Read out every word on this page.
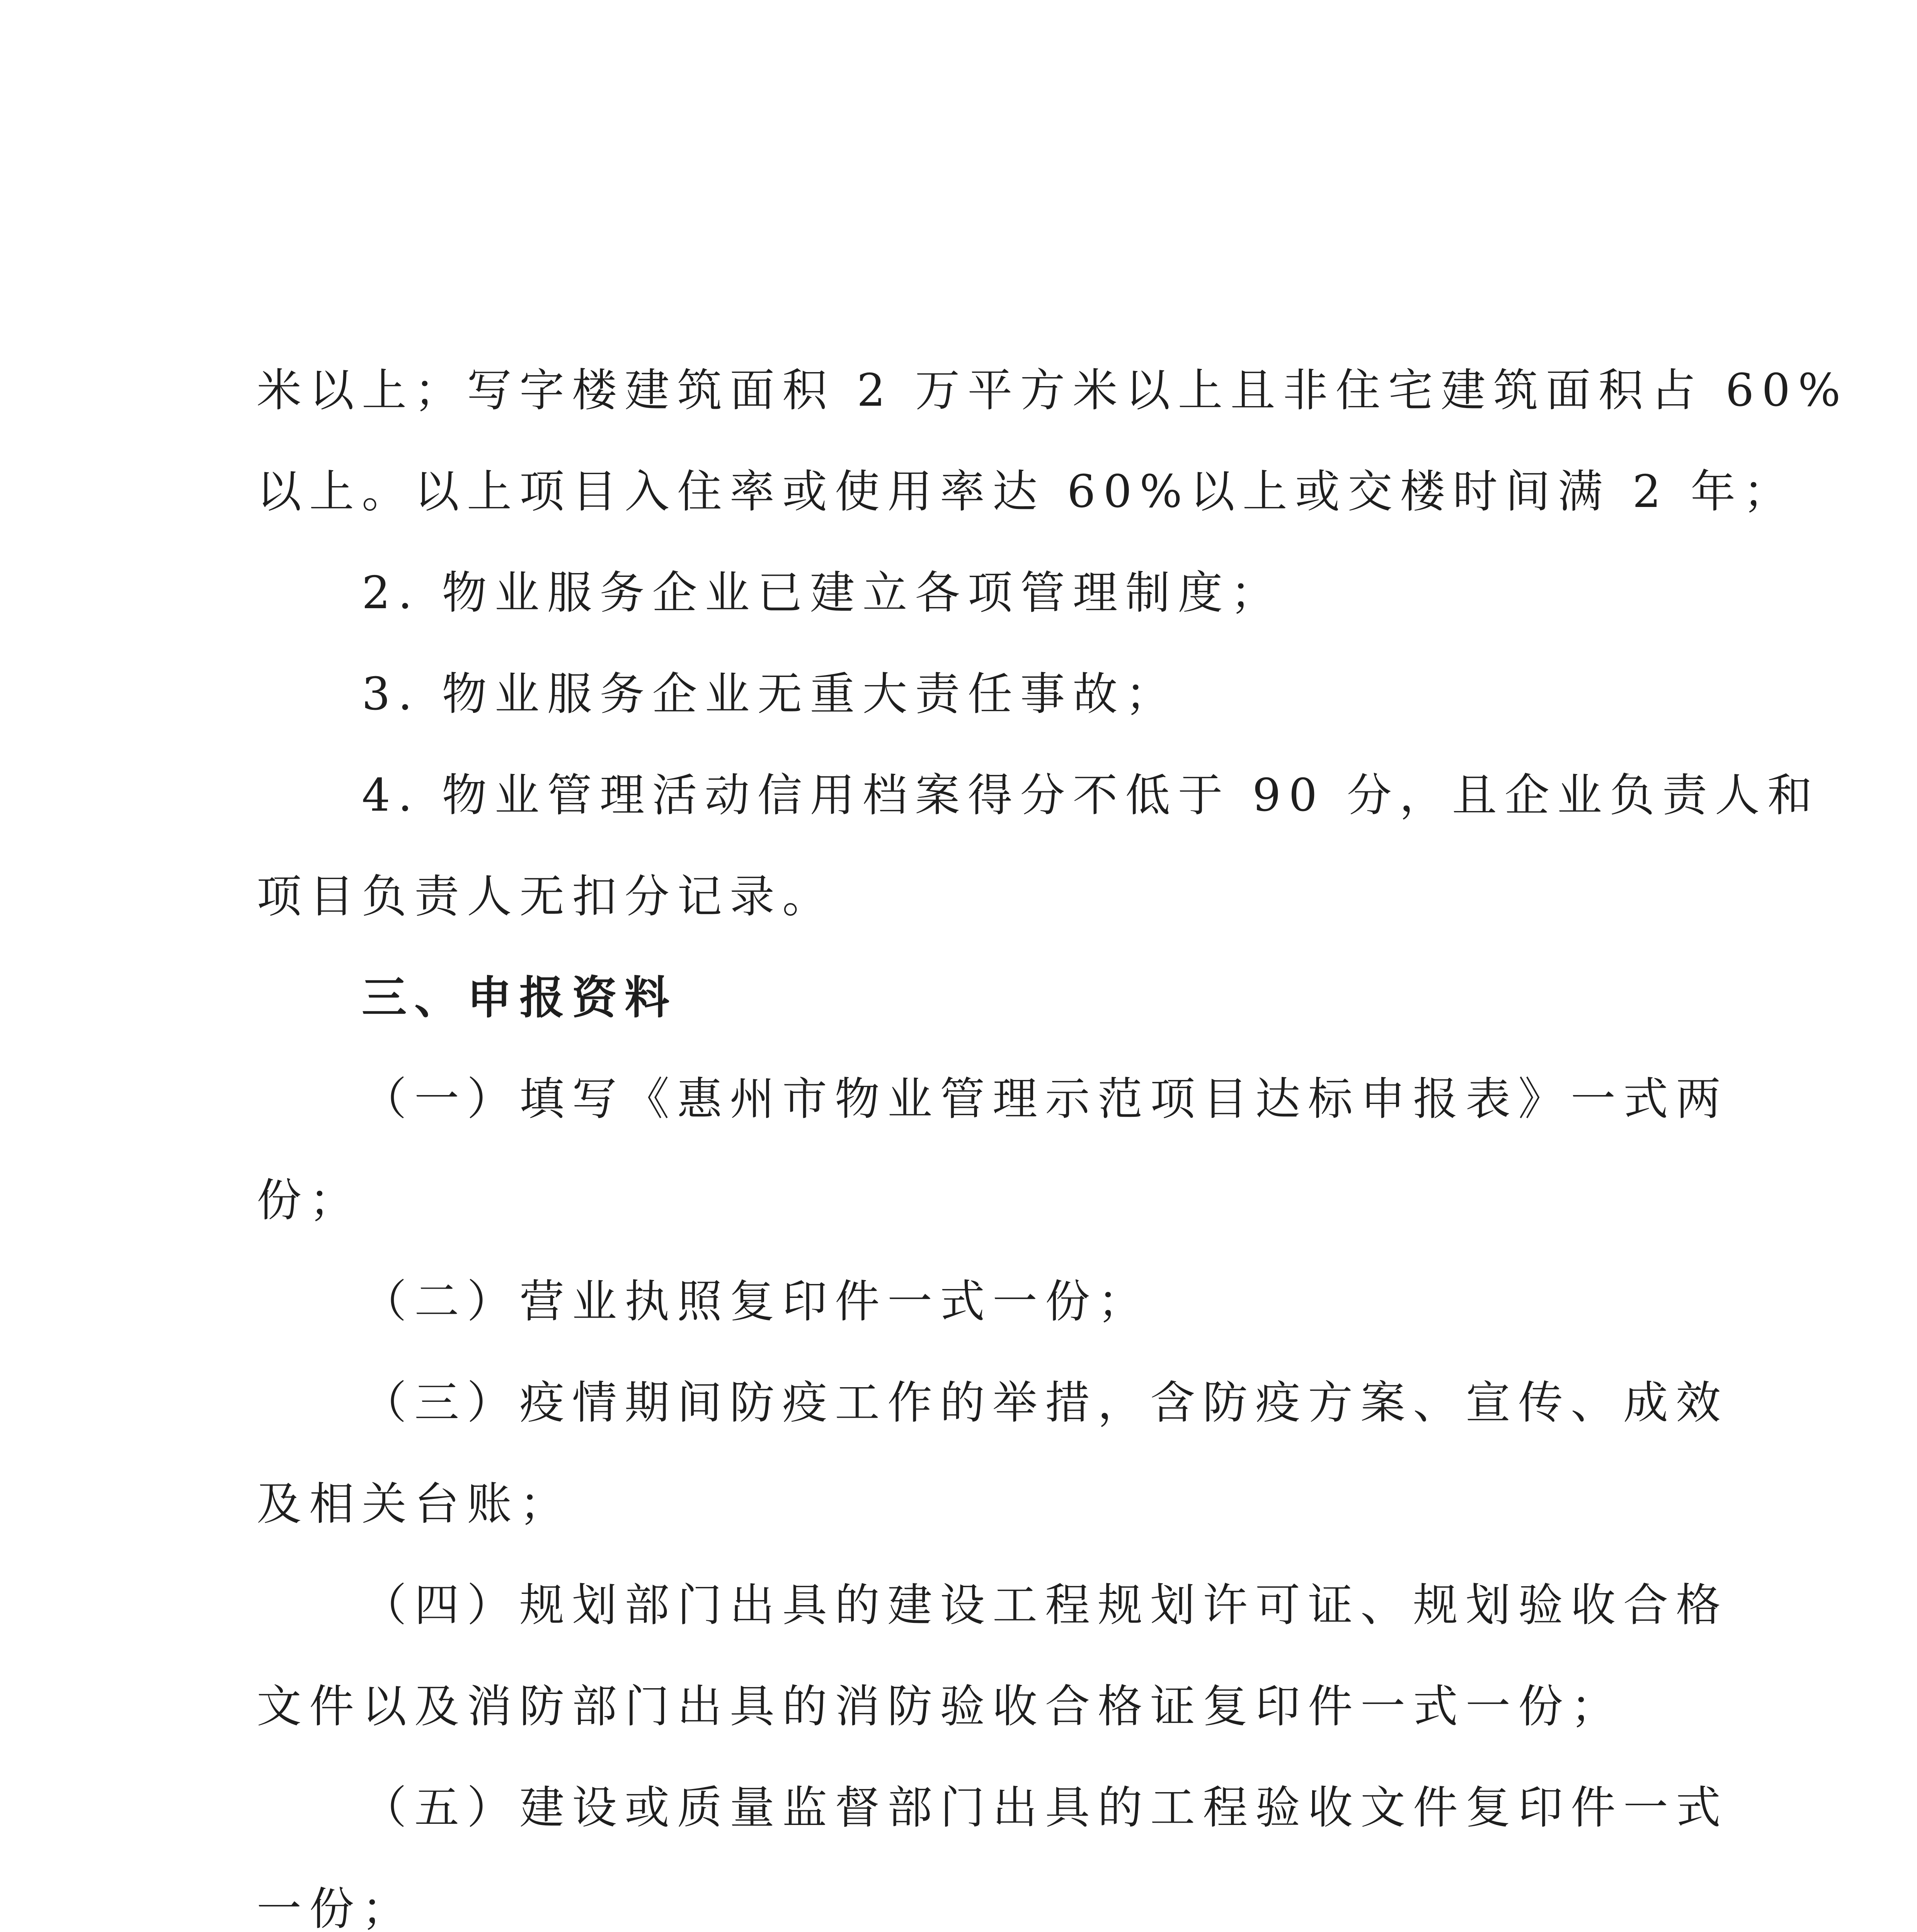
米以上；写字楼建筑面积 2 万平方米以上且非住宅建筑面积占 60%

以上。以上项目入住率或使用率达 60%以上或交楼时间满 2 年；

2. 物业服务企业已建立各项管理制度；

3. 物业服务企业无重大责任事故；

4. 物业管理活动信用档案得分不低于 90 分，且企业负责人和

项目负责人无扣分记录。

三、申报资料

（一）填写《惠州市物业管理示范项目达标申报表》一式两

份；

（二）营业执照复印件一式一份；

（三）疫情期间防疫工作的举措，含防疫方案、宣传、成效

及相关台账；

（四）规划部门出具的建设工程规划许可证、规划验收合格

文件以及消防部门出具的消防验收合格证复印件一式一份；

（五）建设或质量监督部门出具的工程验收文件复印件一式

一份；
